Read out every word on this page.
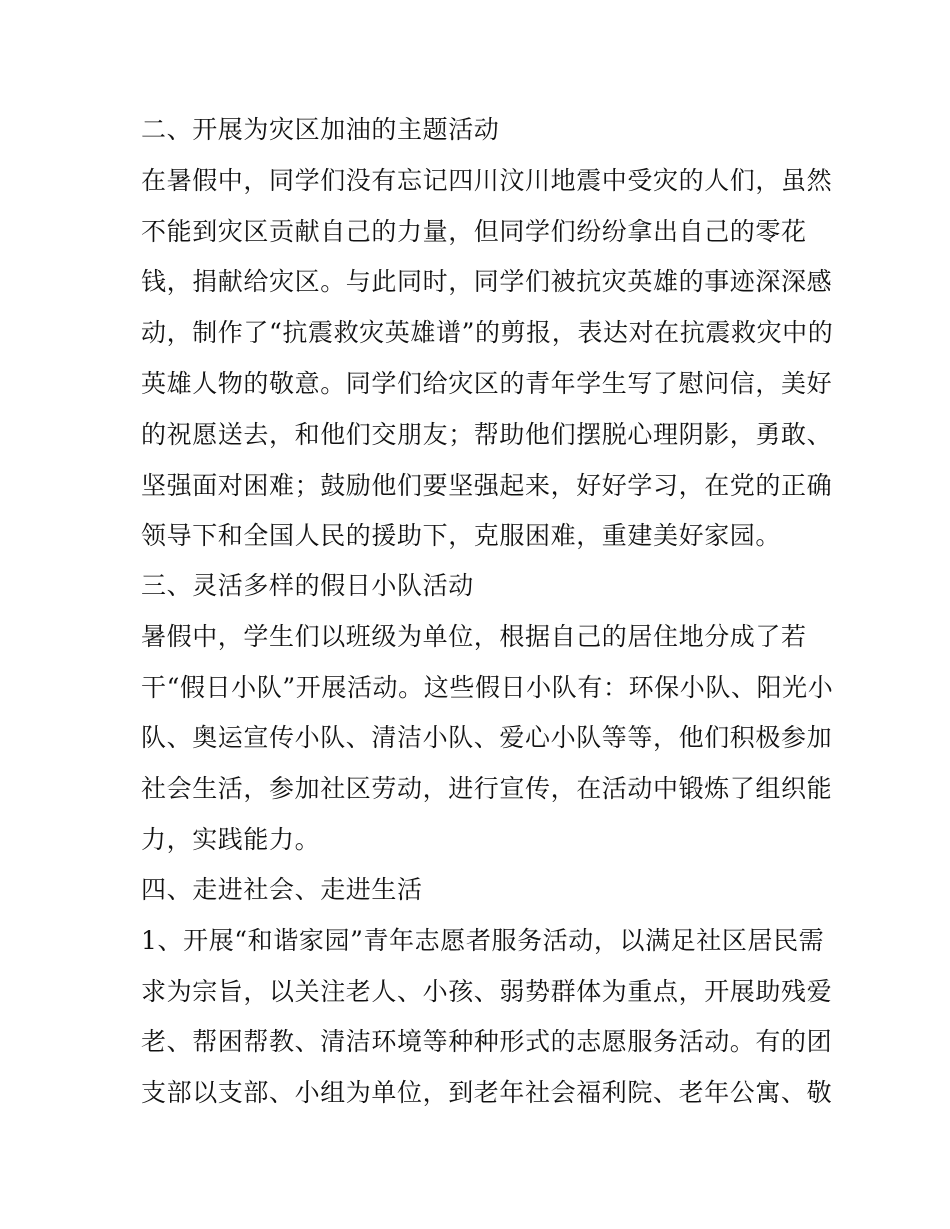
二、开展为灾区加油的主题活动
在暑假中，同学们没有忘记四川汶川地震中受灾的人们，虽然
不能到灾区贡献自己的力量，但同学们纷纷拿出自己的零花
钱，捐献给灾区。与此同时，同学们被抗灾英雄的事迹深深感
动，制作了“抗震救灾英雄谱”的剪报，表达对在抗震救灾中的
英雄人物的敬意。同学们给灾区的青年学生写了慰问信，美好
的祝愿送去，和他们交朋友；帮助他们摆脱心理阴影，勇敢、
坚强面对困难；鼓励他们要坚强起来，好好学习，在党的正确
领导下和全国人民的援助下，克服困难，重建美好家园。
三、灵活多样的假日小队活动
暑假中，学生们以班级为单位，根据自己的居住地分成了若
干“假日小队”开展活动。这些假日小队有：环保小队、阳光小
队、奥运宣传小队、清洁小队、爱心小队等等，他们积极参加
社会生活，参加社区劳动，进行宣传，在活动中锻炼了组织能
力，实践能力。
四、走进社会、走进生活
1、开展“和谐家园”青年志愿者服务活动，以满足社区居民需
求为宗旨，以关注老人、小孩、弱势群体为重点，开展助残爱
老、帮困帮教、清洁环境等种种形式的志愿服务活动。有的团
支部以支部、小组为单位，到老年社会福利院、老年公寓、敬
